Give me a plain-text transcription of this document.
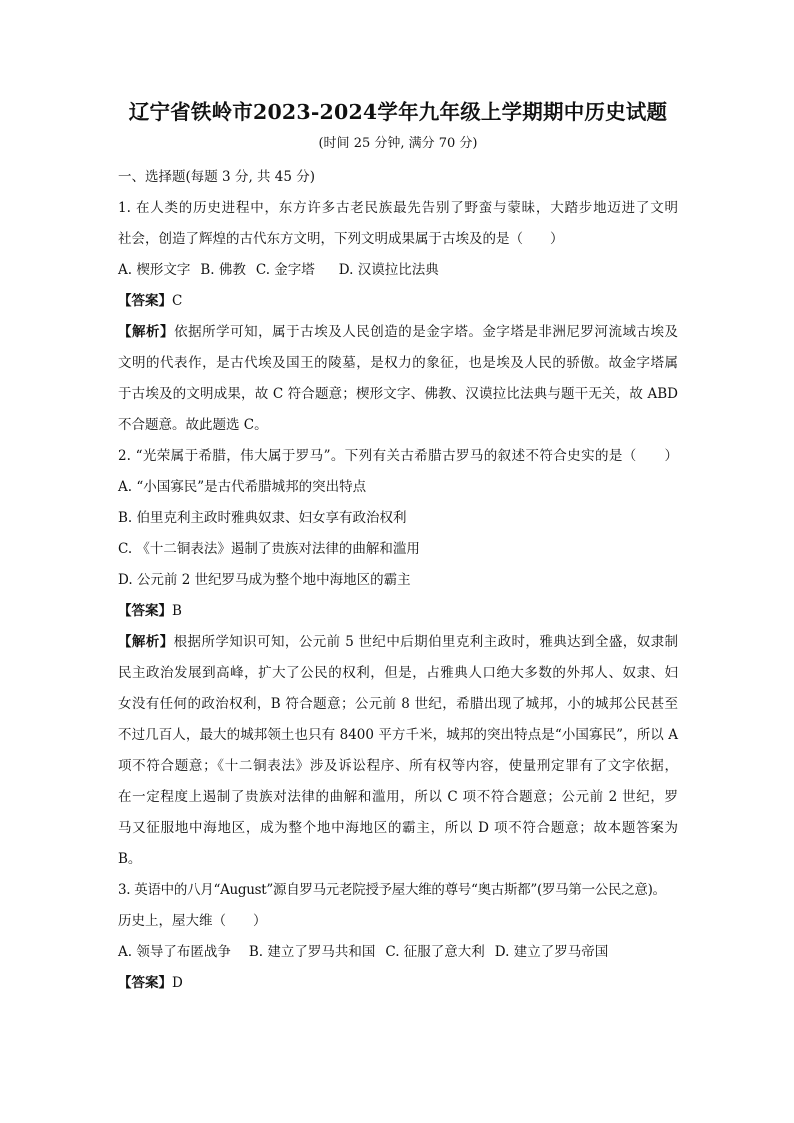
辽宁省铁岭市2023-2024学年九年级上学期期中历史试题
(时间 25 分钟, 满分 70 分)

一、选择题(每题 3 分, 共 45 分)

1. 在人类的历史进程中，东方许多古老民族最先告别了野蛮与蒙昧，大踏步地迈进了文明

社会，创造了辉煌的古代东方文明，下列文明成果属于古埃及的是（　　）

A. 楔形文字 B. 佛教 C. 金字塔 D. 汉谟拉比法典

【答案】C

【解析】依据所学可知，属于古埃及人民创造的是金字塔。金字塔是非洲尼罗河流域古埃及

文明的代表作，是古代埃及国王的陵墓，是权力的象征，也是埃及人民的骄傲。故金字塔属

于古埃及的文明成果，故 C 符合题意；楔形文字、佛教、汉谟拉比法典与题干无关，故 ABD

不合题意。故此题选 C。

2. “光荣属于希腊，伟大属于罗马”。下列有关古希腊古罗马的叙述不符合史实的是（　　）

A. “小国寡民”是古代希腊城邦的突出特点

B. 伯里克利主政时雅典奴隶、妇女享有政治权利

C. 《十二铜表法》遏制了贵族对法律的曲解和滥用

D. 公元前 2 世纪罗马成为整个地中海地区的霸主

【答案】B

【解析】根据所学知识可知，公元前 5 世纪中后期伯里克利主政时，雅典达到全盛，奴隶制

民主政治发展到高峰，扩大了公民的权利，但是，占雅典人口绝大多数的外邦人、奴隶、妇

女没有任何的政治权利，B 符合题意；公元前 8 世纪，希腊出现了城邦，小的城邦公民甚至

不过几百人，最大的城邦领土也只有 8400 平方千米，城邦的突出特点是“小国寡民”，所以 A

项不符合题意；《十二铜表法》涉及诉讼程序、所有权等内容，使量刑定罪有了文字依据，

在一定程度上遏制了贵族对法律的曲解和滥用，所以 C 项不符合题意；公元前 2 世纪，罗

马又征服地中海地区，成为整个地中海地区的霸主，所以 D 项不符合题意；故本题答案为

B。

3. 英语中的八月“August”源自罗马元老院授予屋大维的尊号“奥古斯都”(罗马第一公民之意)。

历史上，屋大维（　　）

A. 领导了布匿战争 B. 建立了罗马共和国 C. 征服了意大利 D. 建立了罗马帝国

【答案】D
